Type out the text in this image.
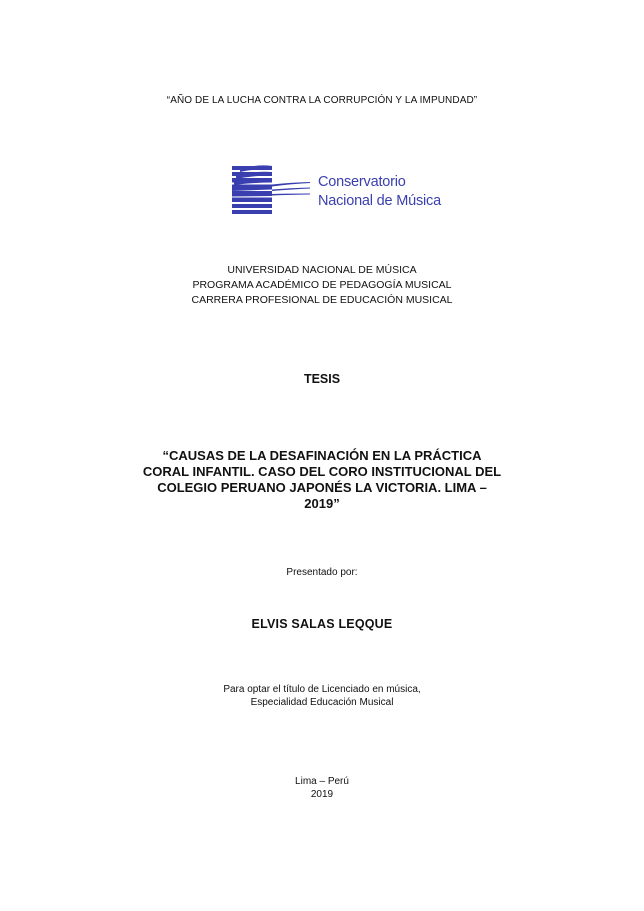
“AÑO DE LA LUCHA CONTRA LA CORRUPCIÓN Y LA IMPUNDAD”
Conservatorio
Nacional de Música
UNIVERSIDAD NACIONAL DE MÚSICA
PROGRAMA ACADÉMICO DE PEDAGOGÍA MUSICAL
CARRERA PROFESIONAL DE EDUCACIÓN MUSICAL
TESIS
“CAUSAS DE LA DESAFINACIÓN EN LA PRÁCTICA
CORAL INFANTIL. CASO DEL CORO INSTITUCIONAL DEL
COLEGIO PERUANO JAPONÉS LA VICTORIA. LIMA –
2019”
Presentado por:
ELVIS SALAS LEQQUE
Para optar el título de Licenciado en música,
Especialidad Educación Musical
Lima – Perú
2019
